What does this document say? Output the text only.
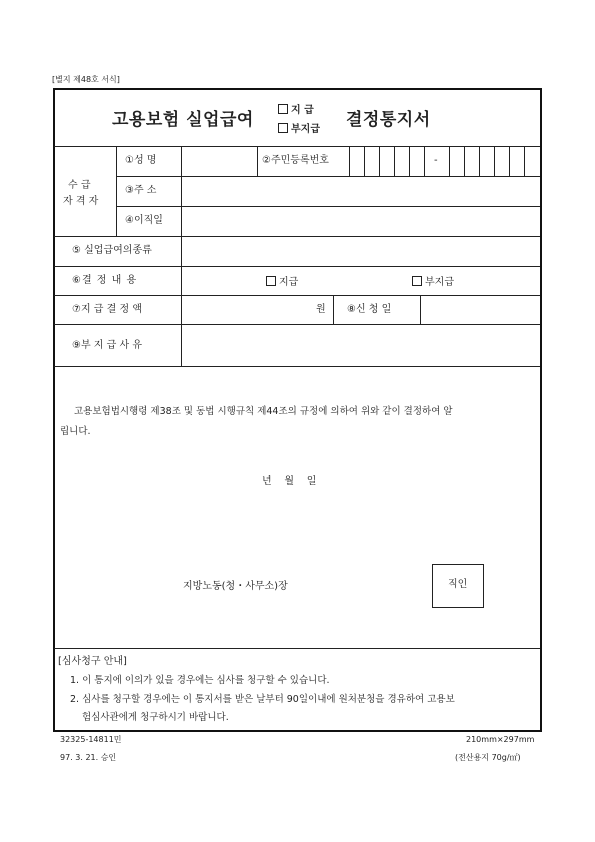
[별지 제48호 서식]
고용보험 실업급여	지 급
부지급 결정통지서
-
수 급
자 격 자
①성 명	②주민등록번호
③주 소
④이직일
⑤ 실업급여의종류
⑥결 정 내 용	지급	부지급
⑦지 급 결 정 액	원 ⑧신 청 일
⑨부 지 급 사 유
고용보험법시행령 제38조 및 동법 시행규칙 제44조의 규정에 의하여 위와 같이 결정하여 알
립니다.
년    월    일
지방노동(청・사무소)장	직인
[심사청구 안내]
1. 이 통지에 이의가 있을 경우에는 심사를 청구할 수 있습니다.
2. 심사를 청구할 경우에는 이 통지서를 받은 날부터 90일이내에 원처분청을 경유하여 고용보
험심사관에게 청구하시기 바랍니다.
32325-14811민
97. 3. 21. 승인
210mm×297mm
(전산용지 70g/㎡)
